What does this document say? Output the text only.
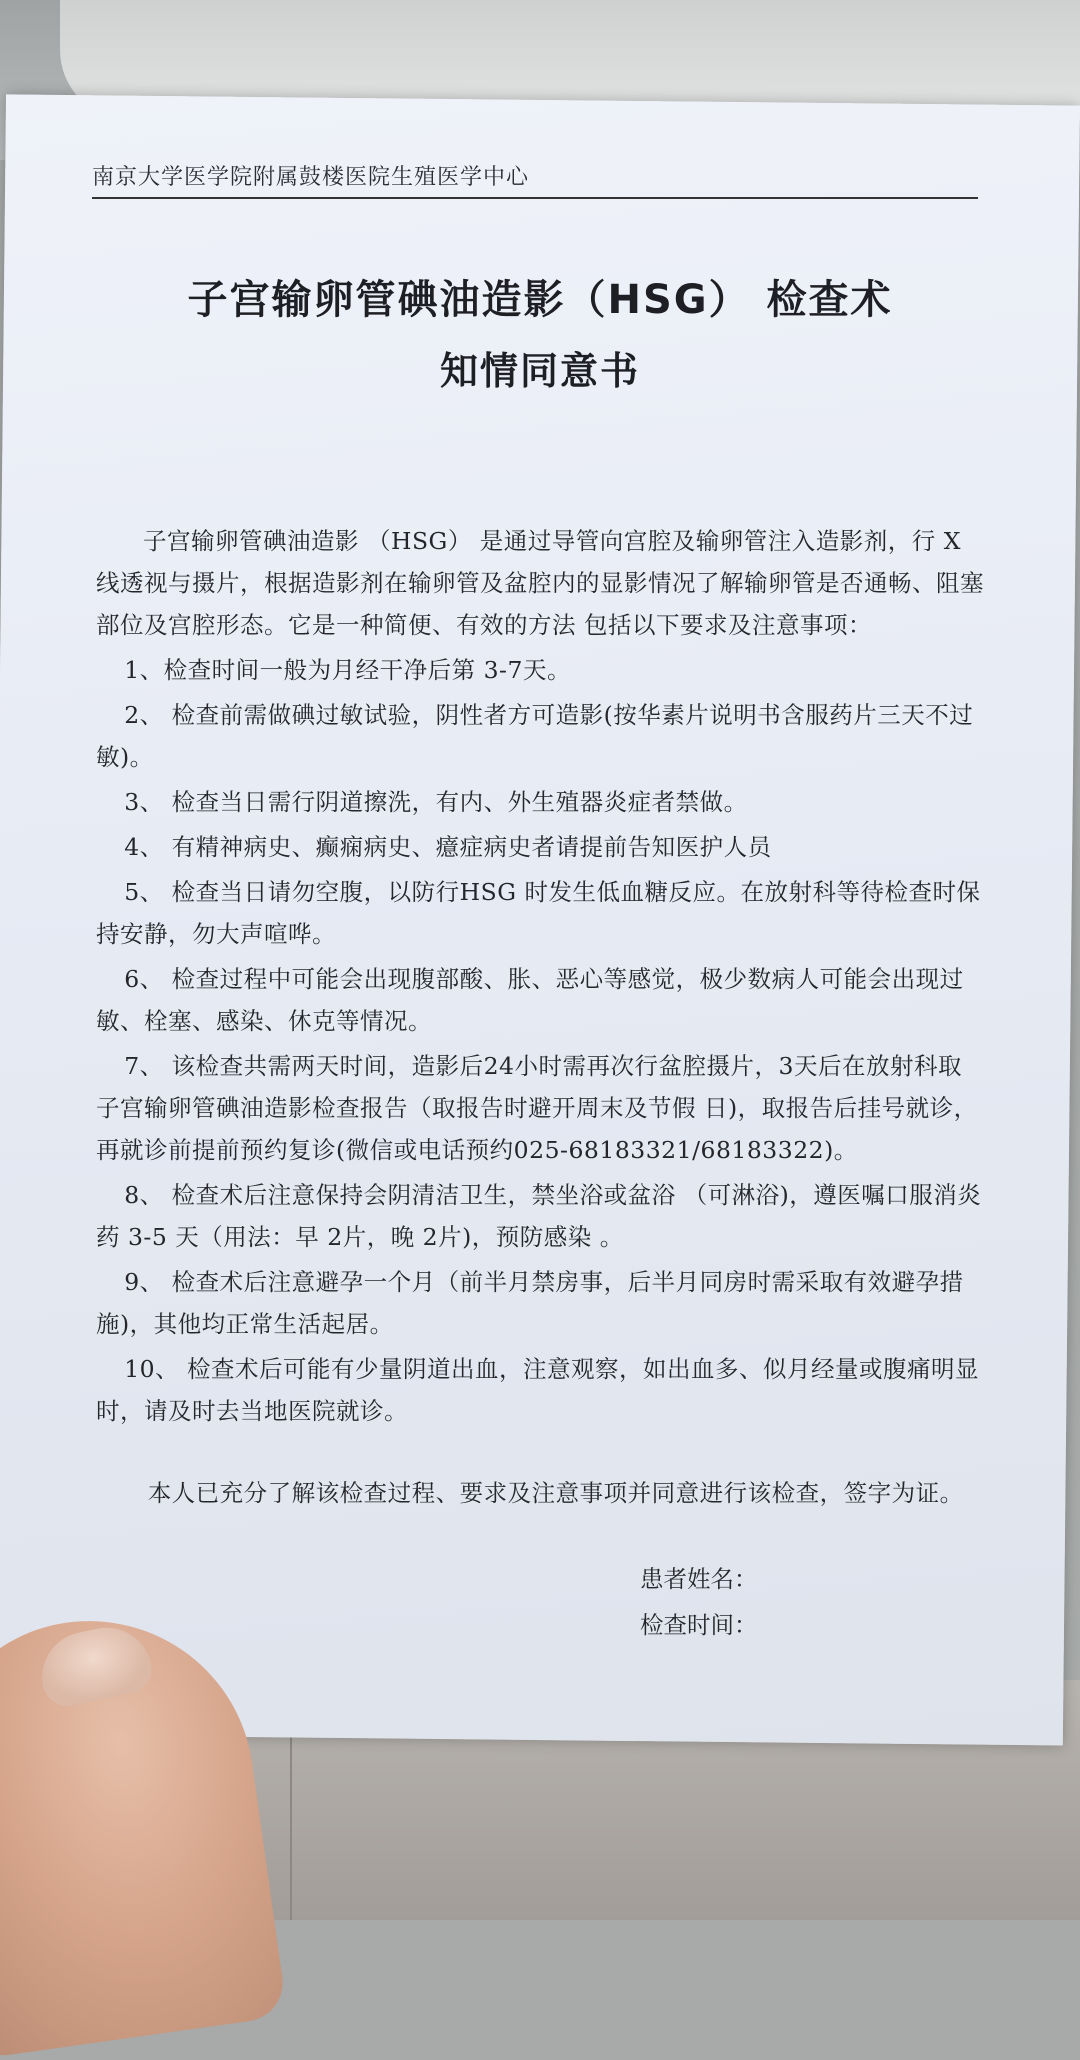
南京大学医学院附属鼓楼医院生殖医学中心
子宫输卵管碘油造影（HSG） 检查术
知情同意书

子宫输卵管碘油造影 （HSG） 是通过导管向宫腔及输卵管注入造影剂，行 X 线透视与摄片，根据造影剂在输卵管及盆腔内的显影情况了解输卵管是否通畅、阻塞部位及宫腔形态。它是一种简便、有效的方法 包括以下要求及注意事项：

1、检查时间一般为月经干净后第 3-7天。

2、 检查前需做碘过敏试验，阴性者方可造影(按华素片说明书含服药片三天不过敏)。

3、 检查当日需行阴道擦洗，有内、外生殖器炎症者禁做。

4、 有精神病史、癫痫病史、癔症病史者请提前告知医护人员

5、 检查当日请勿空腹，以防行HSG 时发生低血糖反应。在放射科等待检查时保持安静，勿大声喧哗。

6、 检查过程中可能会出现腹部酸、胀、恶心等感觉，极少数病人可能会出现过敏、栓塞、感染、休克等情况。

7、 该检查共需两天时间，造影后24小时需再次行盆腔摄片，3天后在放射科取子宫输卵管碘油造影检查报告（取报告时避开周末及节假 日)，取报告后挂号就诊，再就诊前提前预约复诊(微信或电话预约025-68183321/68183322)。

8、 检查术后注意保持会阴清洁卫生，禁坐浴或盆浴 （可淋浴)，遵医嘱口服消炎药 3-5 天（用法：早 2片，晚 2片)，预防感染 。

9、 检查术后注意避孕一个月（前半月禁房事，后半月同房时需采取有效避孕措施)，其他均正常生活起居。

10、 检查术后可能有少量阴道出血，注意观察，如出血多、似月经量或腹痛明显时，请及时去当地医院就诊。

本人已充分了解该检查过程、要求及注意事项并同意进行该检查，签字为证。

患者姓名：
检查时间：
